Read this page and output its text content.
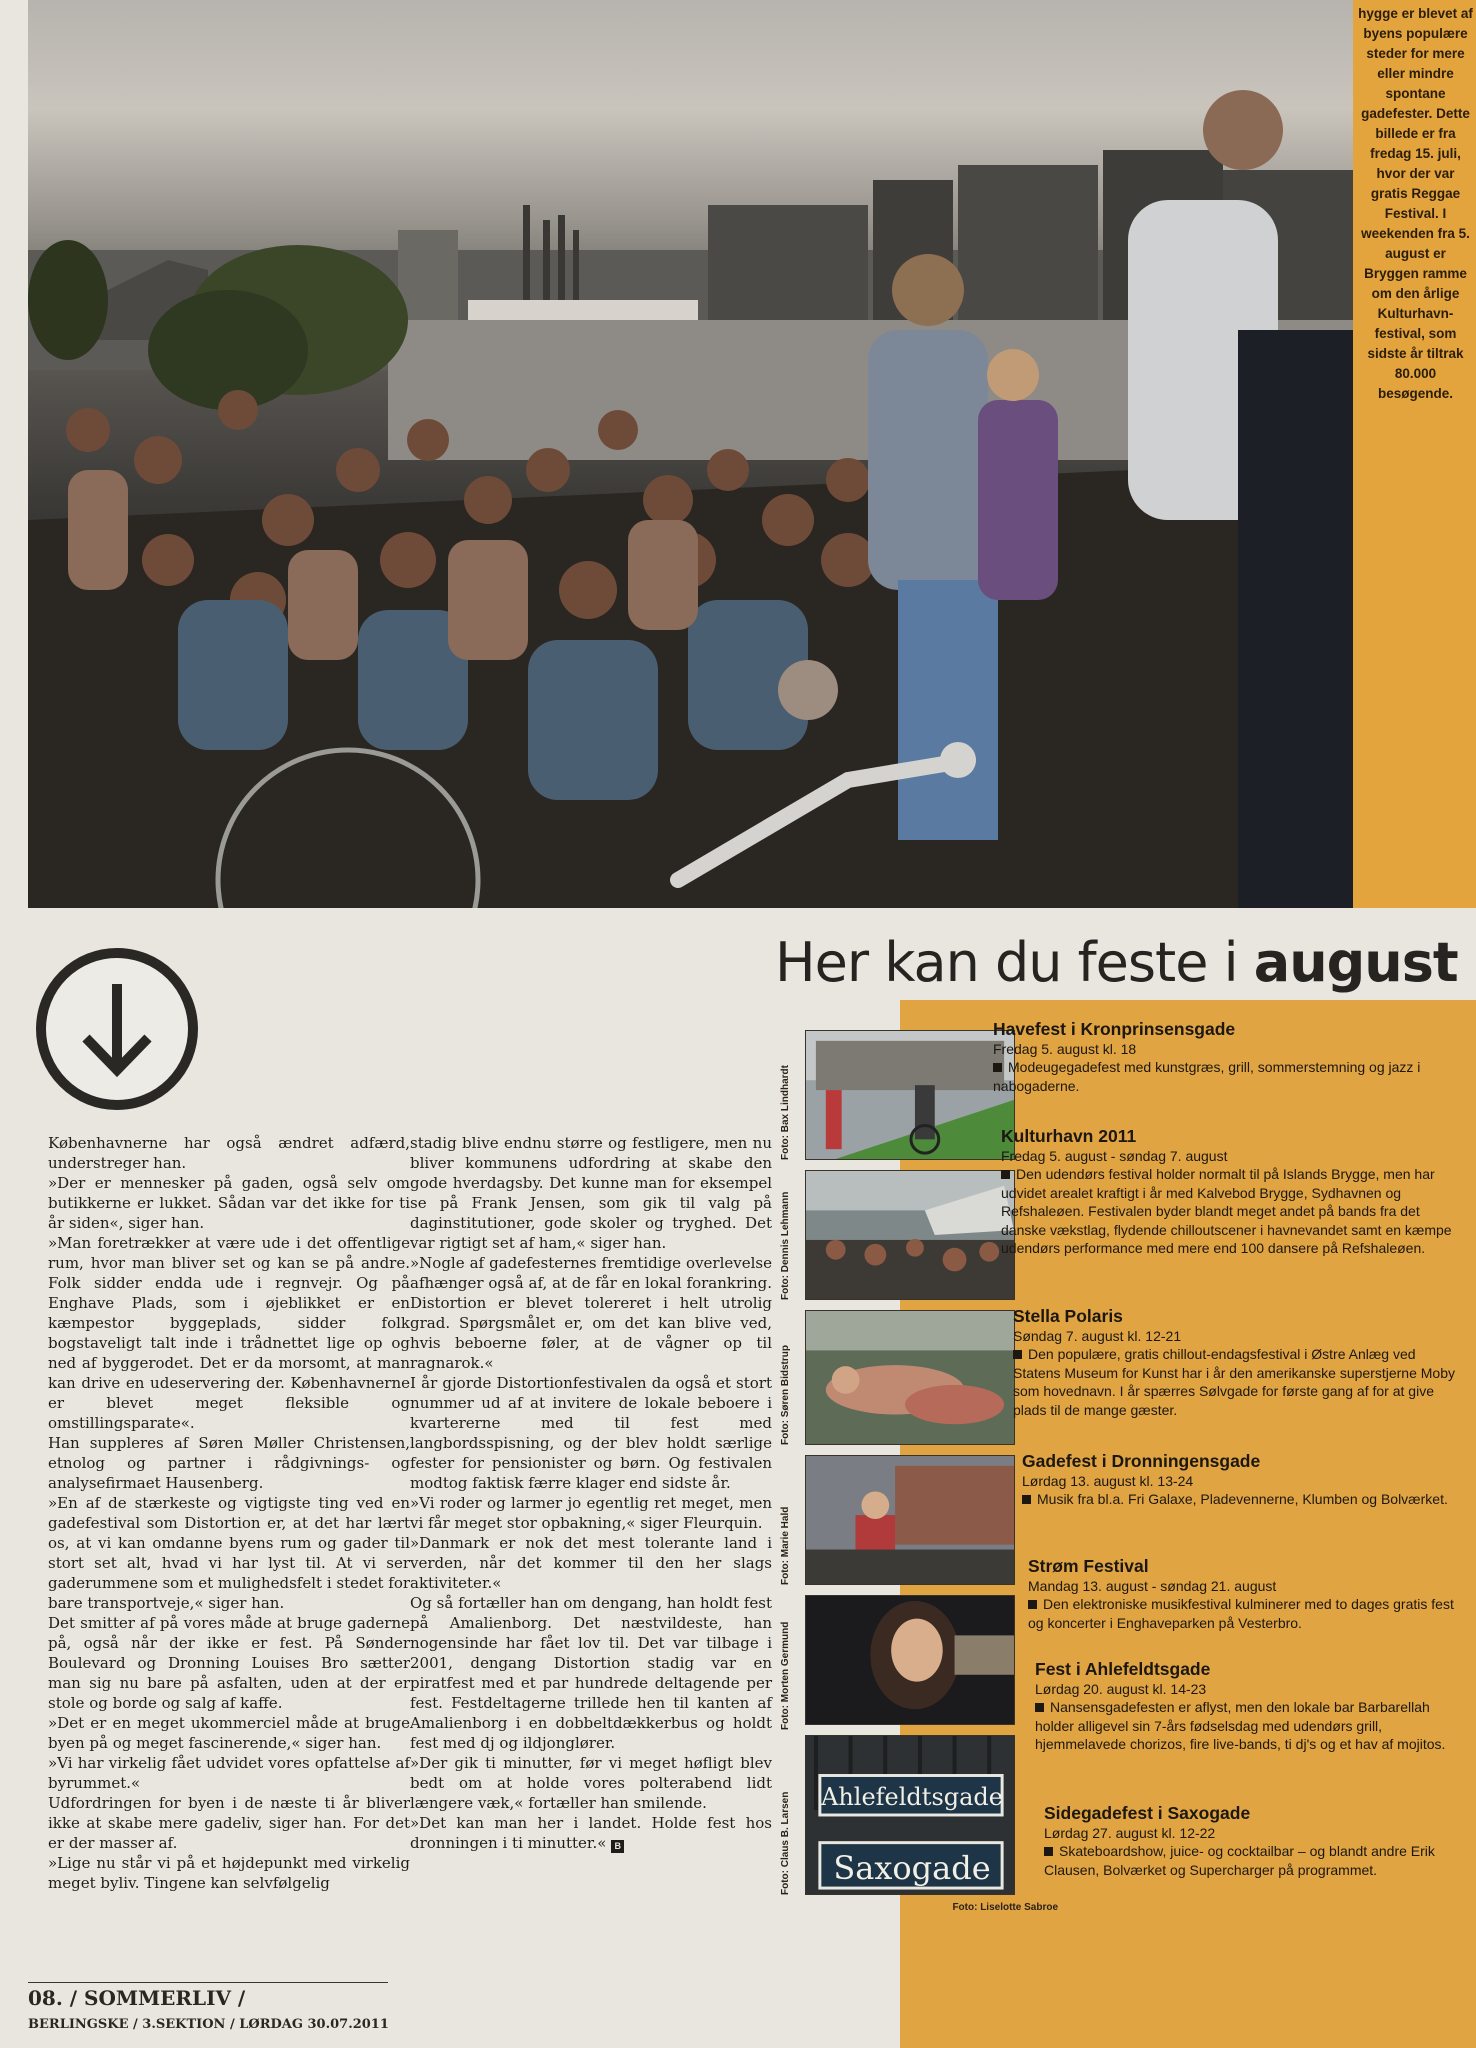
hygge er blevet af byens populære steder for mere eller mindre spontane gadefester. Dette billede er fra fredag 15. juli, hvor der var gratis Reggae Festival. I weekenden fra 5. august er Bryggen ramme om den årlige Kulturhavn-festival, som sidste år tiltrak 80.000 besøgende.

Københavnerne har også ændret adfærd, understreger han.

»Der er mennesker på gaden, også selv om butikkerne er lukket. Sådan var det ikke for ti år siden«, siger han.

»Man foretrækker at være ude i det offentlige rum, hvor man bliver set og kan se på andre. Folk sidder endda ude i regnvejr. Og på Enghave Plads, som i øjeblikket er en kæmpestor byggeplads, sidder folk bogstaveligt talt inde i trådnettet lige op og ned af byggerodet. Det er da morsomt, at man kan drive en udeservering der. Københavnerne er blevet meget fleksible og omstillingsparate«.

Han suppleres af Søren Møller Christensen, etnolog og partner i rådgivnings- og analysefirmaet Hausenberg.

»En af de stærkeste og vigtigste ting ved en gadefestival som Distortion er, at det har lært os, at vi kan omdanne byens rum og gader til stort set alt, hvad vi har lyst til. At vi ser gaderummene som et mulighedsfelt i stedet for bare transportveje,« siger han.

Det smitter af på vores måde at bruge gaderne på, også når der ikke er fest. På Sønder Boulevard og Dronning Louises Bro sætter man sig nu bare på asfalten, uden at der er stole og borde og salg af kaffe.

»Det er en meget ukommerciel måde at bruge byen på og meget fascinerende,« siger han.

»Vi har virkelig fået udvidet vores opfattelse af byrummet.«

Udfordringen for byen i de næste ti år bliver ikke at skabe mere gadeliv, siger han. For det er der masser af.

»Lige nu står vi på et højdepunkt med virkelig meget byliv. Tingene kan selvfølgelig

stadig blive endnu større og festligere, men nu bliver kommunens udfordring at skabe den gode hverdagsby. Det kunne man for eksempel se på Frank Jensen, som gik til valg på daginstitutioner, gode skoler og tryghed. Det var rigtigt set af ham,« siger han.

»Nogle af gadefesternes fremtidige overlevelse afhænger også af, at de får en lokal forankring. Distortion er blevet tolereret i helt utrolig grad. Spørgsmålet er, om det kan blive ved, hvis beboerne føler, at de vågner op til ragnarok.«

I år gjorde Distortionfestivalen da også et stort nummer ud af at invitere de lokale beboere i kvartererne med til fest med langbordsspisning, og der blev holdt særlige fester for pensionister og børn. Og festivalen modtog faktisk færre klager end sidste år.

»Vi roder og larmer jo egentlig ret meget, men vi får meget stor opbakning,« siger Fleurquin.

»Danmark er nok det mest tolerante land i verden, når det kommer til den her slags aktiviteter.«

Og så fortæller han om dengang, han holdt fest på Amalienborg. Det næstvildeste, han nogensinde har fået lov til. Det var tilbage i 2001, dengang Distortion stadig var en piratfest med et par hundrede deltagende per fest. Festdeltagerne trillede hen til kanten af Amalienborg i en dobbeltdækkerbus og holdt fest med dj og ildjonglører.

»Der gik ti minutter, før vi meget høfligt blev bedt om at holde vores polterabend lidt længere væk,« fortæller han smilende.

»Det kan man her i landet. Holde fest hos dronningen i ti minutter.« B

Her kan du feste i august
Ahlefeldtsgade
Saxogade
Foto: Bax Lindhardt
Foto: Dennis Lehmann
Foto: Søren Bidstrup
Foto: Marie Hald
Foto: Morten Germund
Foto: Claus B. Larsen
Foto: Liselotte Sabroe
Havefest i Kronprinsensgade
Fredag 5. august kl. 18
Modeugegadefest med kunstgræs, grill, sommerstemning og jazz i nabogaderne.
Kulturhavn 2011
Fredag 5. august - søndag 7. august
Den udendørs festival holder normalt til på Islands Brygge, men har udvidet arealet kraftigt i år med Kalvebod Brygge, Sydhavnen og Refshaleøen. Festivalen byder blandt meget andet på bands fra det danske vækstlag, flydende chilloutscener i havnevandet samt en kæmpe udendørs performance med mere end 100 dansere på Refshaleøen.
Stella Polaris
Søndag 7. august kl. 12-21
Den populære, gratis chillout-endagsfestival i Østre Anlæg ved Statens Museum for Kunst har i år den amerikanske superstjerne Moby som hovednavn. I år spærres Sølvgade for første gang af for at give plads til de mange gæster.
Gadefest i Dronningensgade
Lørdag 13. august kl. 13-24
Musik fra bl.a. Fri Galaxe, Pladevennerne, Klumben og Bolværket.
Strøm Festival
Mandag 13. august - søndag 21. august
Den elektroniske musikfestival kulminerer med to dages gratis fest og koncerter i Enghaveparken på Vesterbro.
Fest i Ahlefeldtsgade
Lørdag 20. august kl. 14-23
Nansensgadefesten er aflyst, men den lokale bar Barbarellah holder alligevel sin 7-års fødselsdag med udendørs grill, hjemmelavede chorizos, fire live-bands, ti dj's og et hav af mojitos.
Sidegadefest i Saxogade
Lørdag 27. august kl. 12-22
Skateboardshow, juice- og cocktailbar – og blandt andre Erik Clausen, Bolværket og Supercharger på programmet.
08. / SOMMERLIV /
BERLINGSKE / 3.SEKTION / LØRDAG 30.07.2011
